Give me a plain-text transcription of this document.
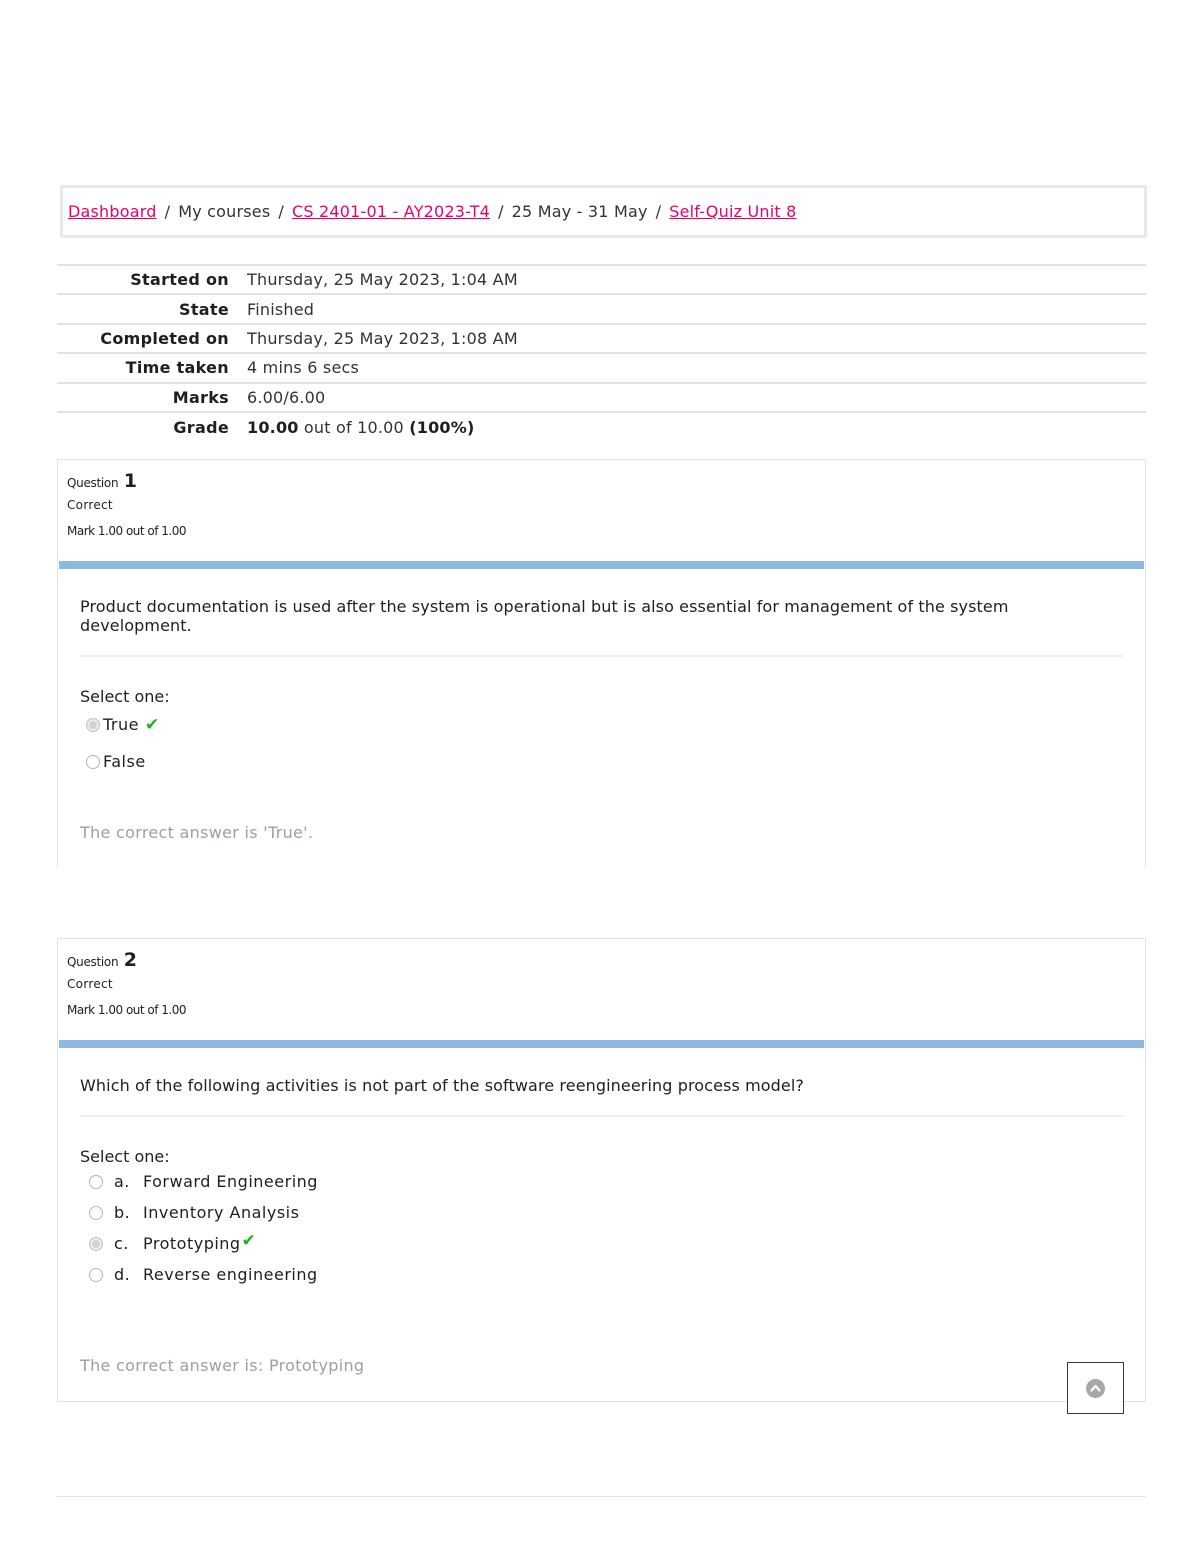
Dashboard / My courses / CS 2401-01 - AY2023-T4 / 25 May - 31 May / Self-Quiz Unit 8
Started on	Thursday, 25 May 2023, 1:04 AM
State	Finished
Completed on	Thursday, 25 May 2023, 1:08 AM
Time taken	4 mins 6 secs
Marks	6.00/6.00
Grade	10.00 out of 10.00 (100%)
Question 1
Correct
Mark 1.00 out of 1.00
Product documentation is used after the system is operational but is also essential for management of the system development.
Select one:
True ✔
False
The correct answer is 'True'.
Question 2
Correct
Mark 1.00 out of 1.00
Which of the following activities is not part of the software reengineering process model?
Select one:
a. Forward Engineering
b. Inventory Analysis
c. Prototyping ✔
d. Reverse engineering
The correct answer is: Prototyping
